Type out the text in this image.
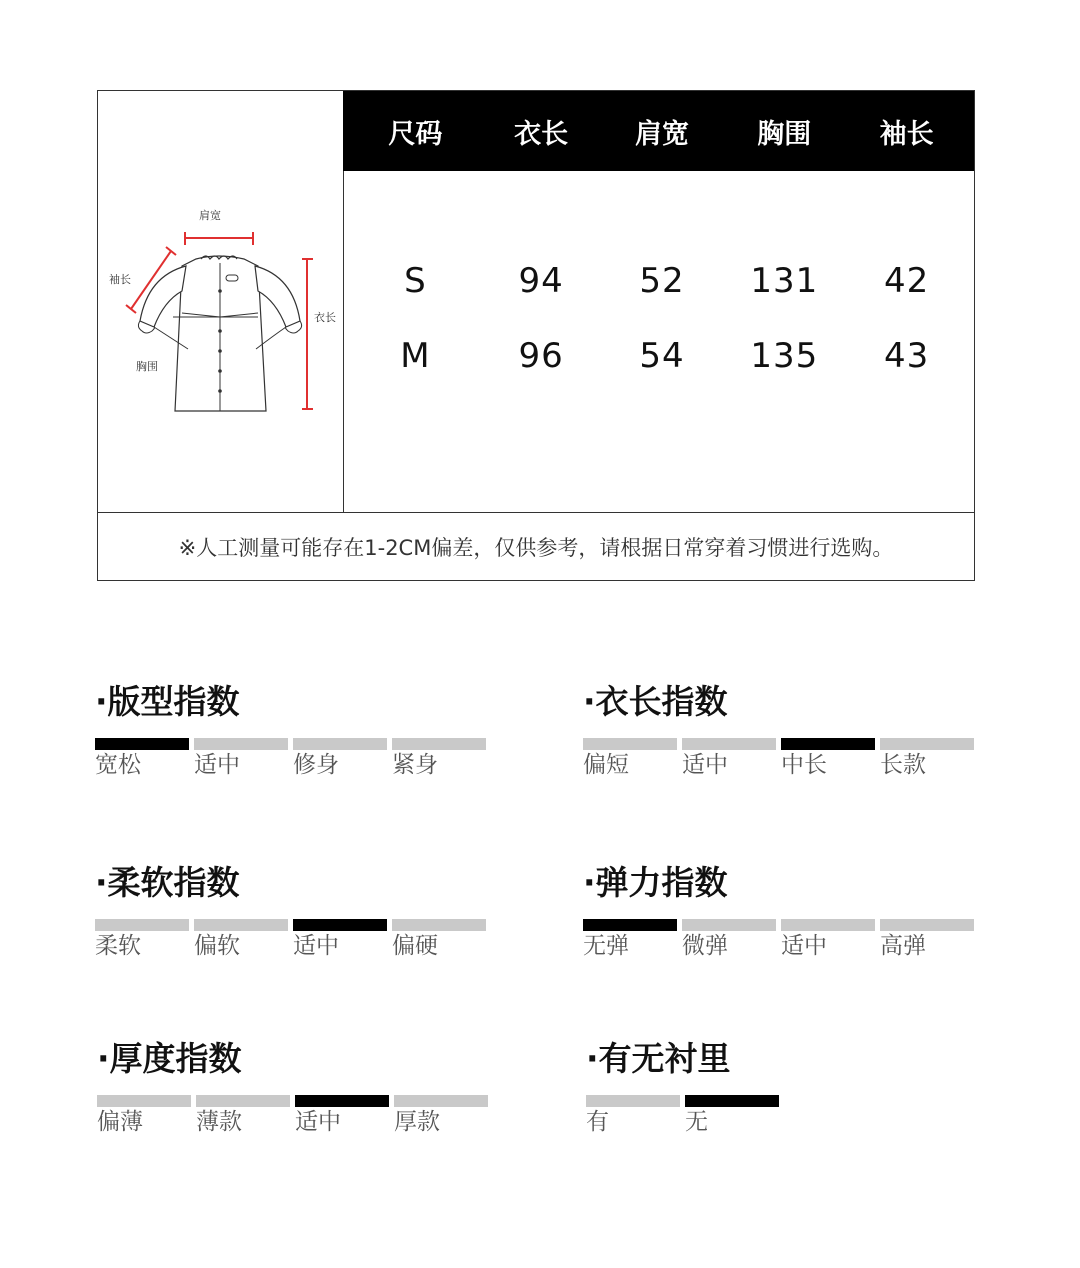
肩宽
袖长
衣长
胸围
尺码	衣长	肩宽	胸围	袖长
S	94	52	131	42
M	96	54	135	43
※人工测量可能存在1-2CM偏差，仅供参考，请根据日常穿着习惯进行选购。
·版型指数
宽松	适中	修身	紧身
·衣长指数
偏短	适中	中长	长款
·柔软指数
柔软	偏软	适中	偏硬
·弹力指数
无弹	微弹	适中	高弹
·厚度指数
偏薄	薄款	适中	厚款
·有无衬里
有	无
